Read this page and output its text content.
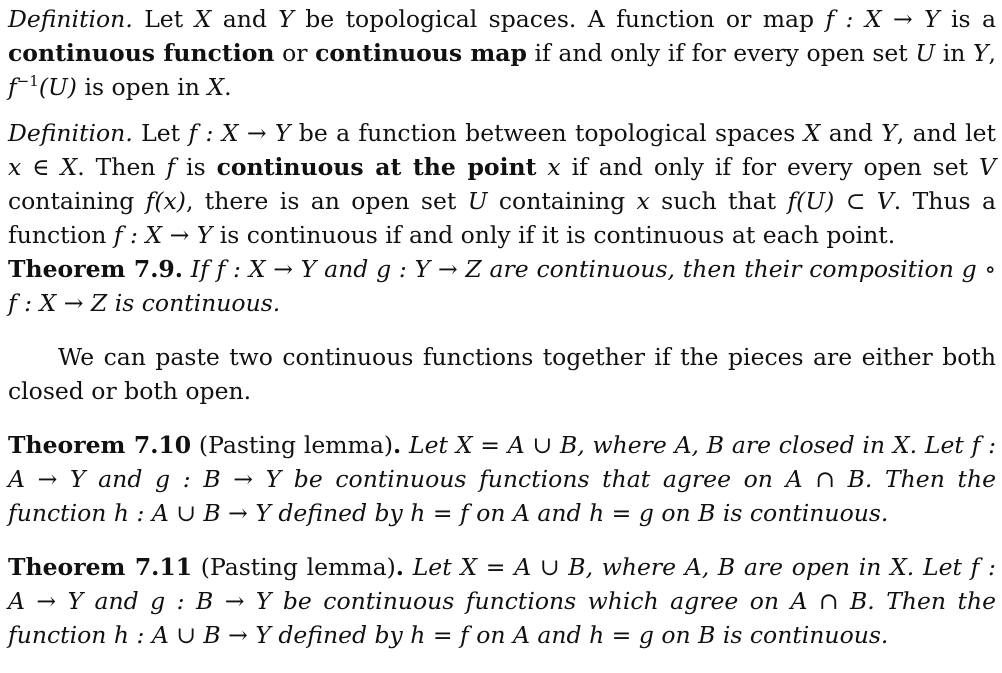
Definition. Let X and Y be topological spaces. A function or map f : X → Y is a continuous function or continuous map if and only if for every open set U in Y, $f^{-1}(U)$ is open in X.

Definition. Let f : X → Y be a function between topological spaces X and Y, and let x ∈ X. Then f is continuous at the point x if and only if for every open set V containing f(x), there is an open set U containing x such that f(U) ⊂ V. Thus a function f : X → Y is continuous if and only if it is continuous at each point.

Theorem 7.9. If f : X → Y and g : Y → Z are continuous, then their composition g ∘ f : X → Z is continuous.

We can paste two continuous functions together if the pieces are either both closed or both open.

Theorem 7.10 (Pasting lemma). Let X = A ∪ B, where A, B are closed in X. Let f : A → Y and g : B → Y be continuous functions that agree on A ∩ B. Then the function h : A ∪ B → Y defined by h = f on A and h = g on B is continuous.

Theorem 7.11 (Pasting lemma). Let X = A ∪ B, where A, B are open in X. Let f : A → Y and g : B → Y be continuous functions which agree on A ∩ B. Then the function h : A ∪ B → Y defined by h = f on A and h = g on B is continuous.
